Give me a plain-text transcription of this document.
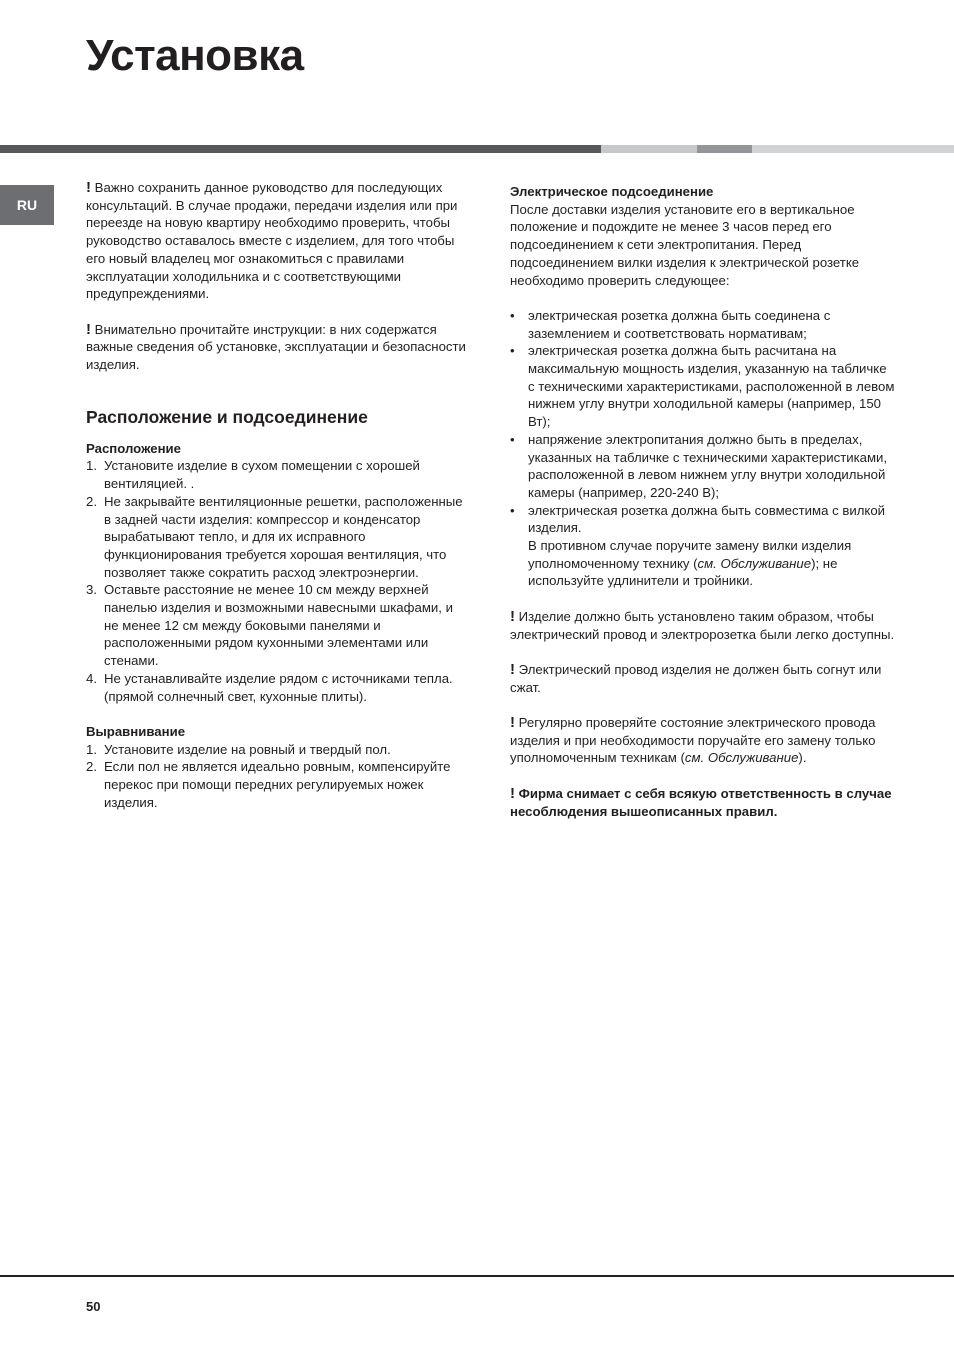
Установка
RU

! Важно сохранить данное руководство для последующих консультаций. В случае продажи, передачи изделия или при переезде на новую квартиру необходимо проверить, чтобы руководство оставалось вместе с изделием, для того чтобы его новый владелец мог ознакомиться с правилами эксплуатации холодильника и с соответствующими предупреждениями.

! Внимательно прочитайте инструкции: в них содержатся важные сведения об установке, эксплуатации и безопасности изделия.

Расположение и подсоединение
Расположение
1. Установите изделие в сухом помещении с хорошей вентиляцией. .
2. Не закрывайте вентиляционные решетки, расположенные в задней части изделия: компрессор и конденсатор вырабатывают тепло, и для их исправного функционирования требуется хорошая вентиляция, что позволяет также сократить расход электроэнергии.
3. Оставьте расстояние не менее 10 см между верхней панелью изделия и возможными навесными шкафами, и не менее 12 см между боковыми панелями и расположенными рядом кухонными элементами или стенами.
4. Не устанавливайте изделие рядом с источниками тепла. (прямой солнечный свет, кухонные плиты).
Выравнивание
1. Установите изделие на ровный и твердый пол.
2. Если пол не является идеально ровным, компенсируйте перекос при помощи передних регулируемых ножек изделия.
Электрическое подсоединение

После доставки изделия установите его в вертикальное положение и подождите не менее 3 часов перед его подсоединением к сети электропитания. Перед подсоединением вилки изделия к электрической розетке необходимо проверить следующее:

• электрическая розетка должна быть соединена с заземлением и соответствовать нормативам;
• электрическая розетка должна быть расчитана на максимальную мощность изделия, указанную на табличке с техническими характеристиками, расположенной в левом нижнем углу внутри холодильной камеры (например, 150 Вт);
• напряжение электропитания должно быть в пределах, указанных на табличке с техническими характеристиками, расположенной в левом нижнем углу внутри холодильной камеры (например, 220-240 В);
• электрическая розетка должна быть совместима с вилкой изделия.
В противном случае поручите замену вилки изделия уполномоченному технику (см. Обслуживание); не используйте удлинители и тройники.

! Изделие должно быть установлено таким образом, чтобы электрический провод и электророзетка были легко доступны.

! Электрический провод изделия не должен быть согнут или сжат.

! Регулярно проверяйте состояние электрического провода изделия и при необходимости поручайте его замену только уполномоченным техникам (см. Обслуживание).

! Фирма снимает с себя всякую ответственность в случае несоблюдения вышеописанных правил.

50
